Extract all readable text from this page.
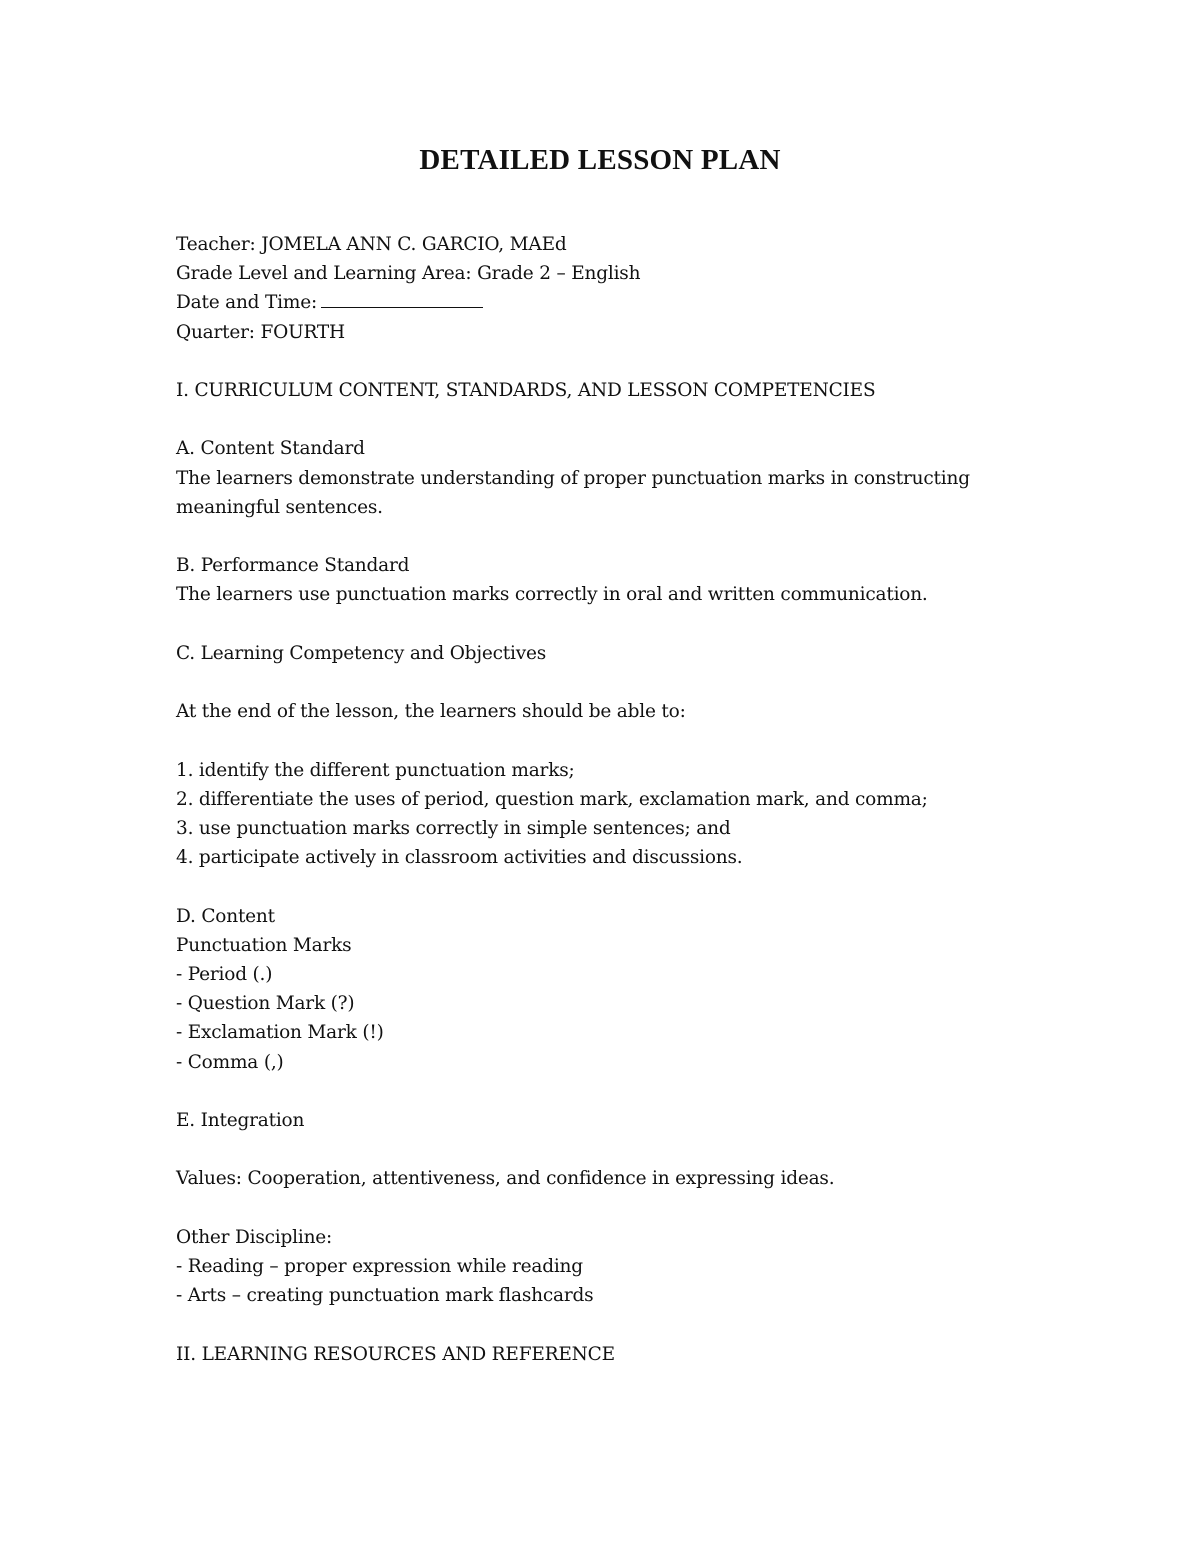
DETAILED LESSON PLAN
Teacher: JOMELA ANN C. GARCIO, MAEd
Grade Level and Learning Area: Grade 2 – English
Date and Time:
Quarter: FOURTH
I. CURRICULUM CONTENT, STANDARDS, AND LESSON COMPETENCIES
A. Content Standard
The learners demonstrate understanding of proper punctuation marks in constructing
meaningful sentences.
B. Performance Standard
The learners use punctuation marks correctly in oral and written communication.
C. Learning Competency and Objectives
At the end of the lesson, the learners should be able to:
1. identify the different punctuation marks;
2. differentiate the uses of period, question mark, exclamation mark, and comma;
3. use punctuation marks correctly in simple sentences; and
4. participate actively in classroom activities and discussions.
D. Content
Punctuation Marks
- Period (.)
- Question Mark (?)
- Exclamation Mark (!)
- Comma (,)
E. Integration
Values: Cooperation, attentiveness, and confidence in expressing ideas.
Other Discipline:
- Reading – proper expression while reading
- Arts – creating punctuation mark flashcards
II. LEARNING RESOURCES AND REFERENCE
